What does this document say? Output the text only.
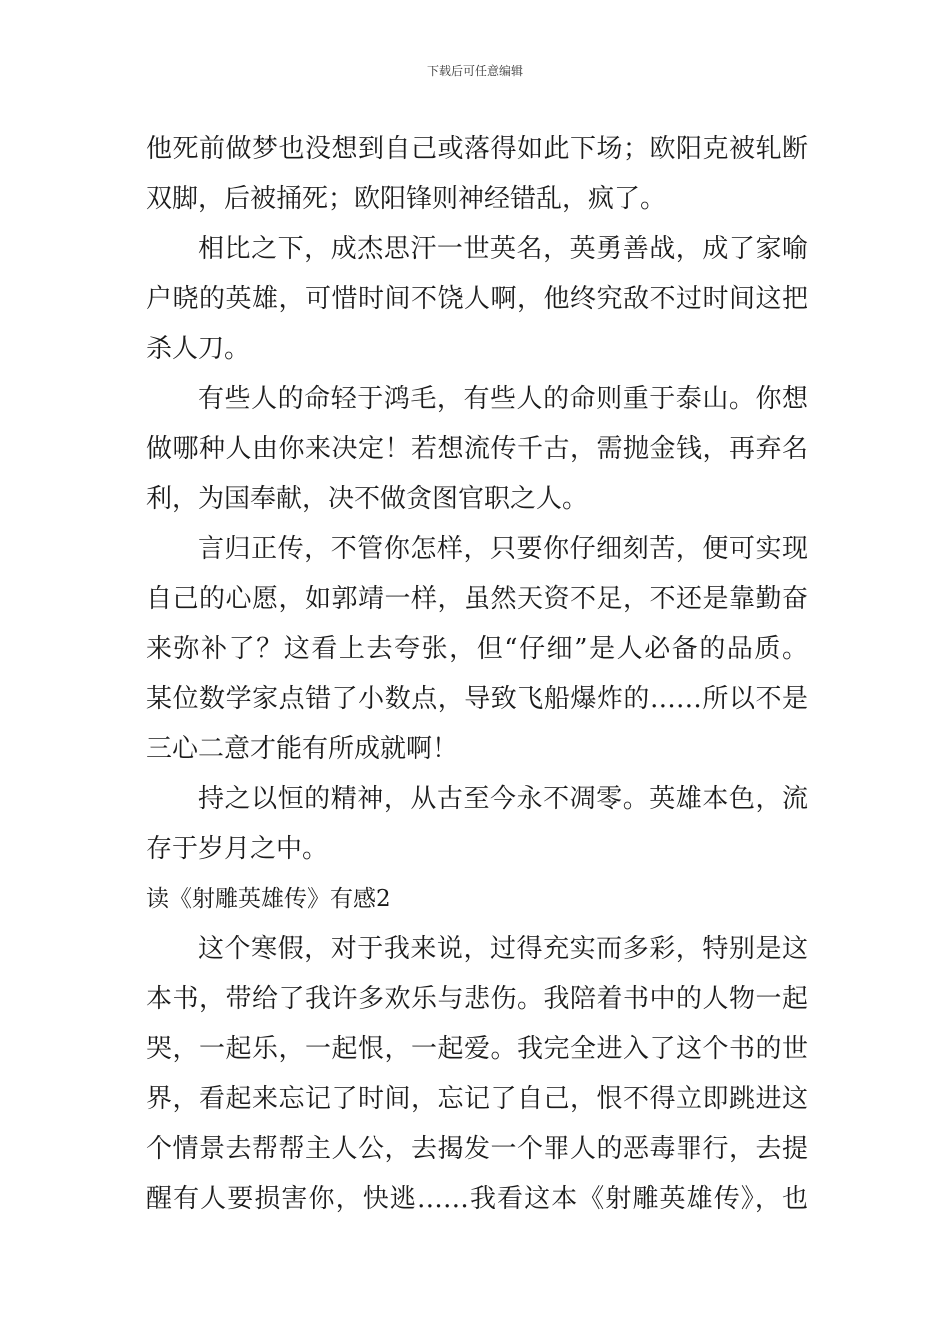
下载后可任意编辑
他死前做梦也没想到自己或落得如此下场；欧阳克被轧断
双脚，后被捅死；欧阳锋则神经错乱，疯了。
相比之下，成杰思汗一世英名，英勇善战，成了家喻
户晓的英雄，可惜时间不饶人啊，他终究敌不过时间这把
杀人刀。
有些人的命轻于鸿毛，有些人的命则重于泰山。你想
做哪种人由你来决定！若想流传千古，需抛金钱，再弃名
利，为国奉献，决不做贪图官职之人。
言归正传，不管你怎样，只要你仔细刻苦，便可实现
自己的心愿，如郭靖一样，虽然天资不足，不还是靠勤奋
来弥补了？这看上去夸张，但“仔细”是人必备的品质。
某位数学家点错了小数点，导致飞船爆炸的……所以不是
三心二意才能有所成就啊！
持之以恒的精神，从古至今永不凋零。英雄本色，流
存于岁月之中。
读《射雕英雄传》有感2
这个寒假，对于我来说，过得充实而多彩，特别是这
本书，带给了我许多欢乐与悲伤。我陪着书中的人物一起
哭，一起乐，一起恨，一起爱。我完全进入了这个书的世
界，看起来忘记了时间，忘记了自己，恨不得立即跳进这
个情景去帮帮主人公，去揭发一个罪人的恶毒罪行，去提
醒有人要损害你，快逃……我看这本《射雕英雄传》，也
